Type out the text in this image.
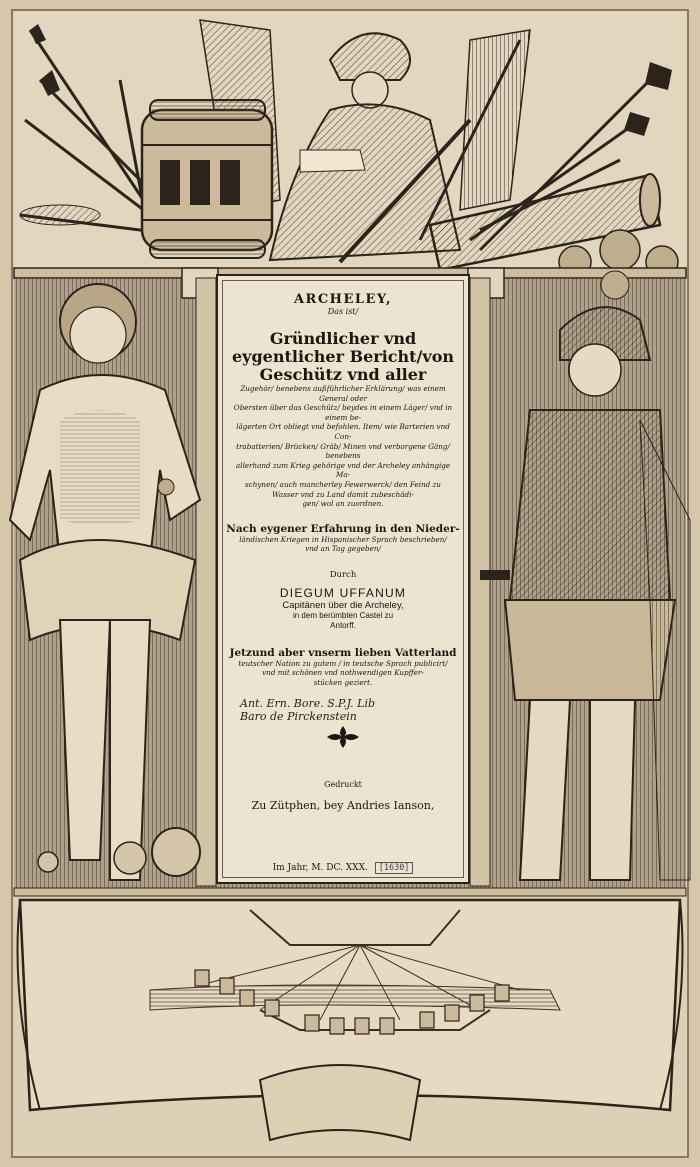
ARCHELEY,
Das ist/
Gründlicher vnd eygentlicher Bericht/von Geschütz vnd aller
Zugehör/ benebens außführlicher Erklärung/ was einem General oder
Obersten über das Geschütz/ beydes in einem Läger/ vnd in einem be-
lägerten Ort obliegt vnd befohlen. Item/ wie Barterien vnd Con-
trabatterien/ Brücken/ Gräb/ Minen vnd verborgene Gäng/ benebens
allerhand zum Krieg gehörige vnd der Archeley anhängige Ma-
schynen/ auch mancherley Fewerwerck/ den Feind zu
Wasser vnd zu Land damit zubeschädi-
gen/ wol an zuordnen.
Nach eygener Erfahrung in den Nieder-
ländischen Kriegen in Hispanischer Sprach beschrieben/
vnd an Tag gegeben/
Durch
DIEGUM UFFANUM
Capitänen über die Archeley,
in dem berümbten Castel zu
Antorff.
Jetzund aber vnserm lieben Vatterland
teutscher Nation zu gutem / in teutsche Sprach publicirt/
vnd mit schönen vnd nothwendigen Kupffer-
stücken geziert.
Ant. Ern. Bore. S.P.J. Lib
Baro de Pirckenstein
Gedruckt
Zu Zütphen, bey Andries Ianson,
Im Jahr, M. DC. XXX. [1630]
